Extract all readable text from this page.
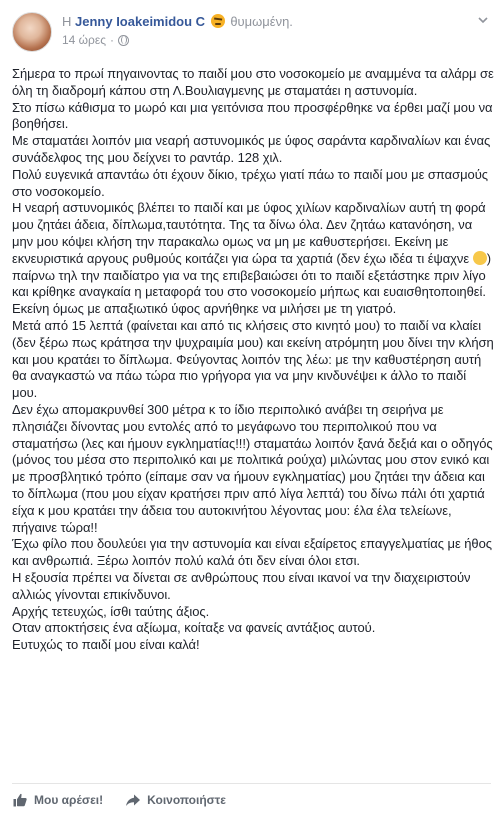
Η Jenny Ioakeimidou C θυμωμένη.
14 ώρες ·

Σήμερα το πρωί πηγαινοντας το παιδί μου στο νοσοκομείο με αναμμένα τα αλάρμ σε όλη τη διαδρομή κάπου στη Λ.Βουλιαγμενης με σταματάει η αστυνομία.

Στο πίσω κάθισμα το μωρό και μια γειτόνισα που προσφέρθηκε να έρθει μαζί μου να βοηθήσει.

Με σταματάει λοιπόν μια νεαρή αστυνομικός με ύφος σαράντα καρδιναλίων και ένας συνάδελφος της μου δείχνει το ραντάρ. 128 χιλ.

Πολύ ευγενικά απαντάω ότι έχουν δίκιο, τρέχω γιατί πάω το παιδί μου με σπασμούς στο νοσοκομείο.

Η νεαρή αστυνομικός βλέπει το παιδί και με ύφος χιλίων καρδιναλίων αυτή τη φορά μου ζητάει άδεια, δίπλωμα,ταυτότητα. Της τα δίνω όλα. Δεν ζητάω κατανόηση, να μην μου κόψει κλήση την παρακαλω ομως να μη με καθυστερήσει. Εκείνη με εκνευριστικά αργους ρυθμούς κοιτάζει για ώρα τα χαρτιά (δεν έχω ιδέα τι έψαχνε ) παίρνω τηλ την παιδίατρο για να της επιβεβαιώσει ότι το παιδί εξετάστηκε πριν λίγο και κρίθηκε αναγκαία η μεταφορά του στο νοσοκομείο μήπως και ευαισθητοποιηθεί. Εκείνη όμως με απαξιωτικό ύφος αρνήθηκε να μιλήσει με τη γιατρό.

Μετά από 15 λεπτά (φαίνεται και από τις κλήσεις στο κινητό μου) το παιδί να κλαίει (δεν ξέρω πως κράτησα την ψυχραιμία μου) και εκείνη ατρόμητη μου δίνει την κλήση και μου κρατάει το δίπλωμα. Φεύγοντας λοιπόν της λέω: με την καθυστέρηση αυτή θα αναγκαστώ να πάω τώρα πιο γρήγορα για να μην κινδυνέψει κ άλλο το παιδί μου.

Δεν έχω απομακρυνθεί 300 μέτρα κ το ίδιο περιπολικό ανάβει τη σειρήνα με πλησιάζει δίνοντας μου εντολές από το μεγάφωνο του περιπολικού που να σταματήσω (λες και ήμουν εγκληματίας!!!) σταματάω λοιπόν ξανά δεξιά και ο οδηγός (μόνος του μέσα στο περιπολικό και με πολιτικά ρούχα) μιλώντας μου στον ενικό και με προσβλητικό τρόπο (είπαμε σαν να ήμουν εγκληματίας) μου ζητάει την άδεια και το δίπλωμα (που μου είχαν κρατήσει πριν από λίγα λεπτά) του δίνω πάλι ότι χαρτιά είχα κ μου κρατάει την άδεια του αυτοκινήτου λέγοντας μου: έλα έλα τελείωνε, πήγαινε τώρα!!

Έχω φίλο που δουλεύει για την αστυνομία και είναι εξαίρετος επαγγελματίας με ήθος και ανθρωπιά. Ξέρω λοιπόν πολύ καλά ότι δεν είναι όλοι ετσι.

Η εξουσία πρέπει να δίνεται σε ανθρώπους που είναι ικανοί να την διαχειριστούν αλλιώς γίνονται επικίνδυνοι.

Αρχής τετευχώς, ίσθι ταύτης άξιος.

Οταν αποκτήσεις ένα αξίωμα, κοίταξε να φανείς αντάξιος αυτού.

Ευτυχώς το παιδί μου είναι καλά!

Μου αρέσει!	Κοινοποιήστε
